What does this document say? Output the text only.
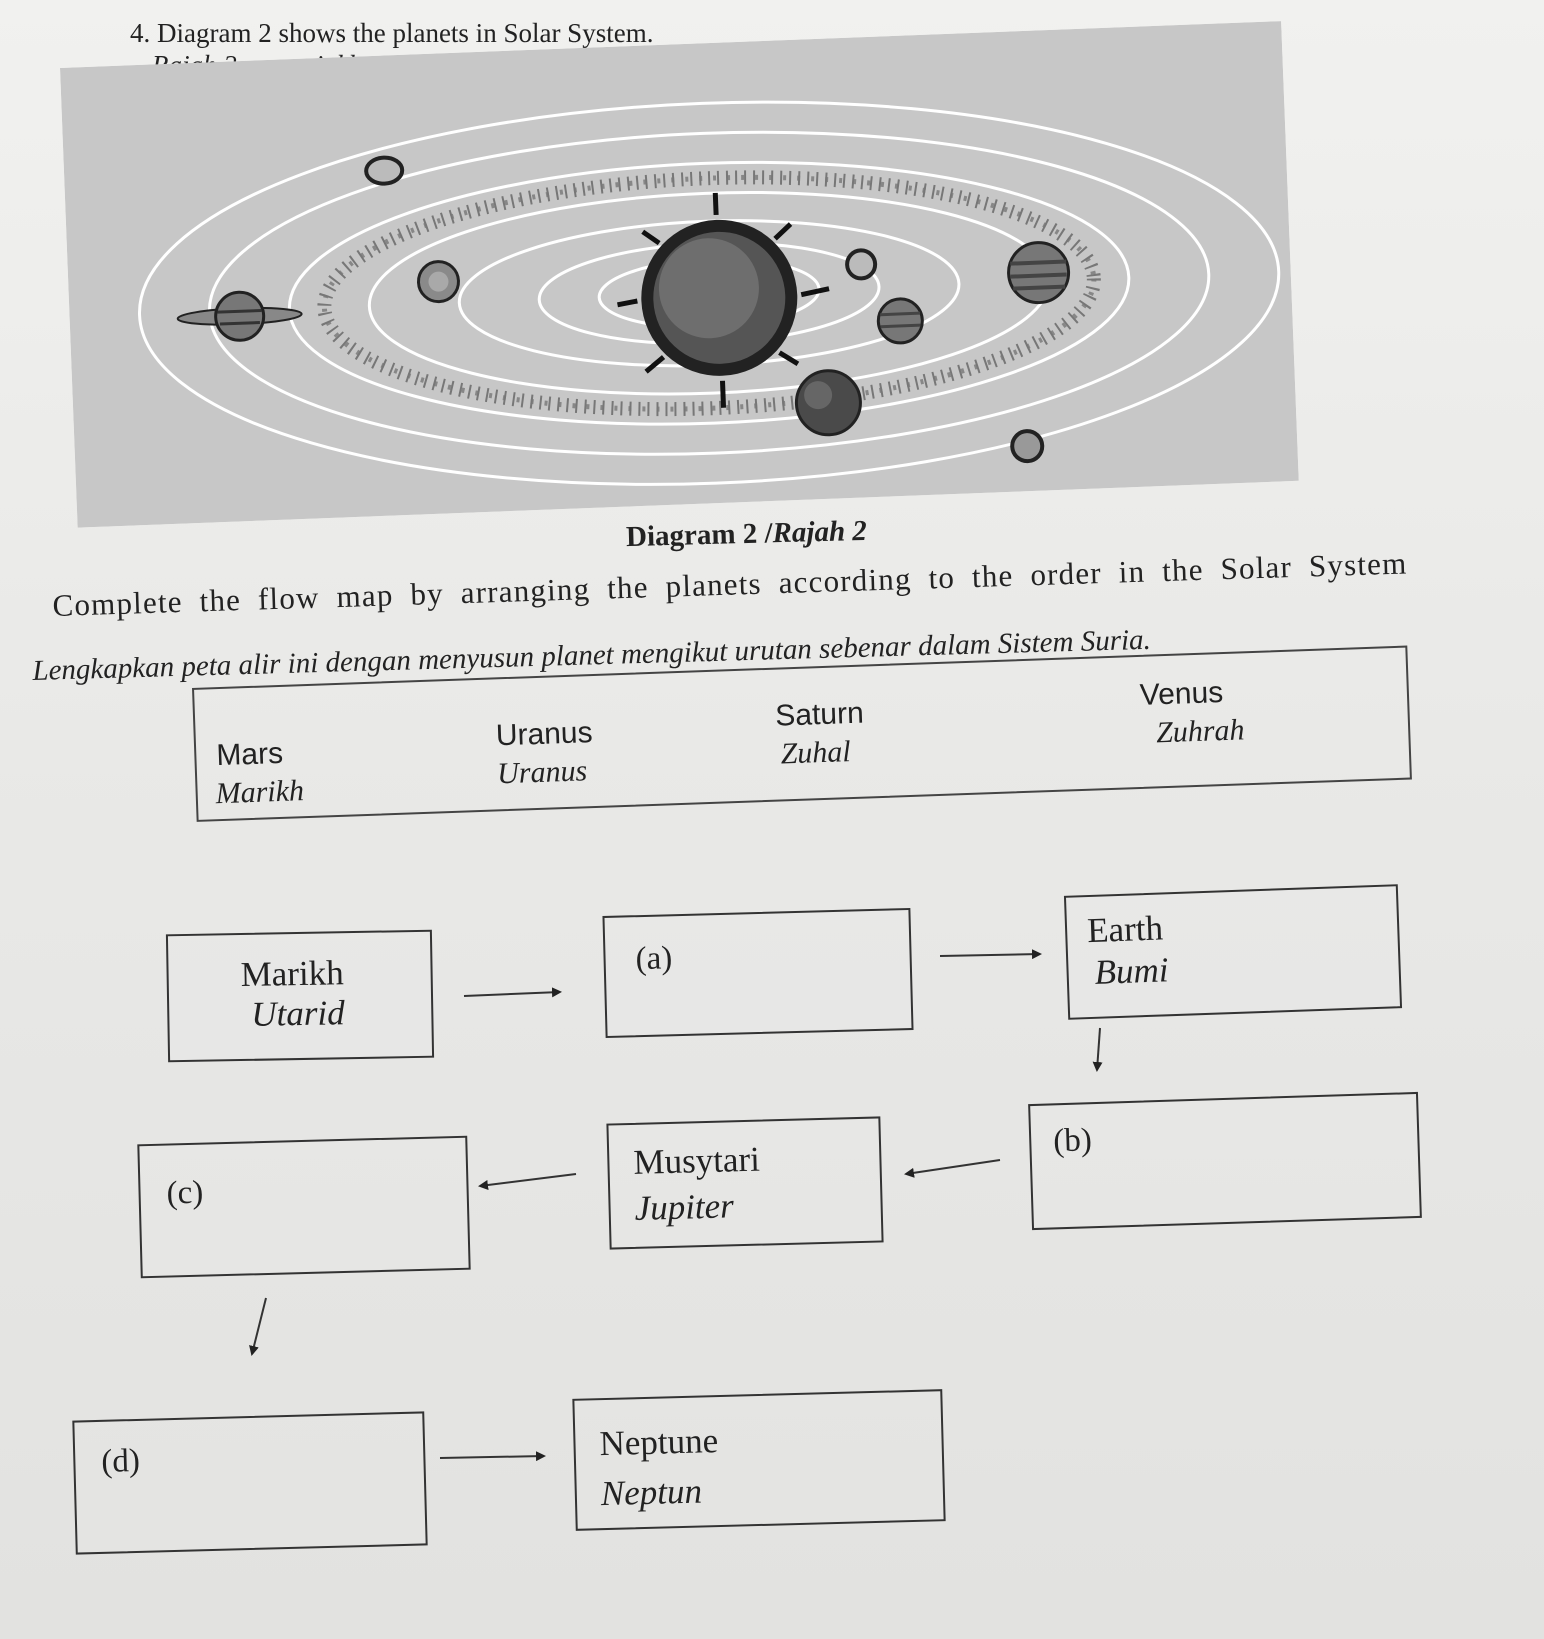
4. Diagram 2 shows the planets in Solar System.
Diagram 2 /Rajah 2
Complete the flow map by arranging the planets according to the order in the Solar System
Lengkapkan peta alir ini dengan menyusun planet mengikut urutan sebenar dalam Sistem Suria.
Mars
Marikh
Uranus
Uranus
Saturn
Zuhal
Venus
Zuhrah
Marikh
Utarid
(a)
Earth
Bumi
(c)
Musytari
Jupiter
(b)
(d)	Neptune
Neptun
